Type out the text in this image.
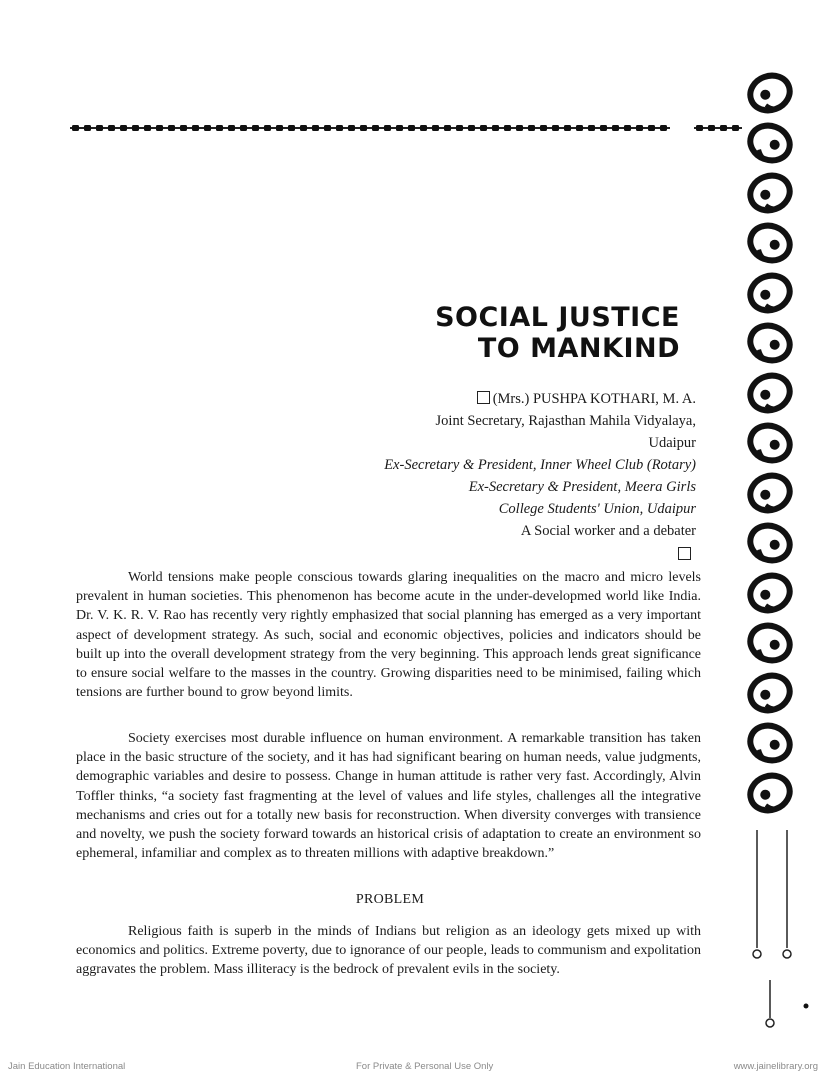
SOCIAL JUSTICE
TO MANKIND
(Mrs.) PUSHPA KOTHARI, M. A.
Joint Secretary, Rajasthan Mahila Vidyalaya,
Udaipur
Ex-Secretary & President, Inner Wheel Club (Rotary)
Ex-Secretary & President, Meera Girls
College Students' Union, Udaipur
A Social worker and a debater

World tensions make people conscious towards glaring inequalities on the macro and micro levels prevalent in human societies. This phenomenon has become acute in the under-developmed world like India. Dr. V. K. R. V. Rao has recently very rightly emphasized that social planning has emerged as a very important aspect of development strategy. As such, social and economic objectives, policies and indicators should be built up into the overall development strategy from the very beginning. This approach lends great significance to ensure social welfare to the masses in the country. Growing disparities need to be minimised, failing which tensions are further bound to grow beyond limits.

Society exercises most durable influence on human environment. A remarkable transition has taken place in the basic structure of the society, and it has had significant bearing on human needs, value judgments, demographic variables and desire to possess. Change in human attitude is rather very fast. Accordingly, Alvin Toffler thinks, “a society fast fragmenting at the level of values and life styles, challenges all the integrative mechanisms and cries out for a totally new basis for reconstruction. When diversity converges with transience and novelty, we push the society forward towards an historical crisis of adaptation to create an environment so ephemeral, infamiliar and complex as to threaten millions with adaptive breakdown.”

PROBLEM

Religious faith is superb in the minds of Indians but religion as an ideology gets mixed up with economics and politics. Extreme poverty, due to ignorance of our people, leads to communism and expolitation aggravates the problem. Mass illiteracy is the bedrock of prevalent evils in the society.

Jain Education International	For Private & Personal Use Only	www.jainelibrary.org
